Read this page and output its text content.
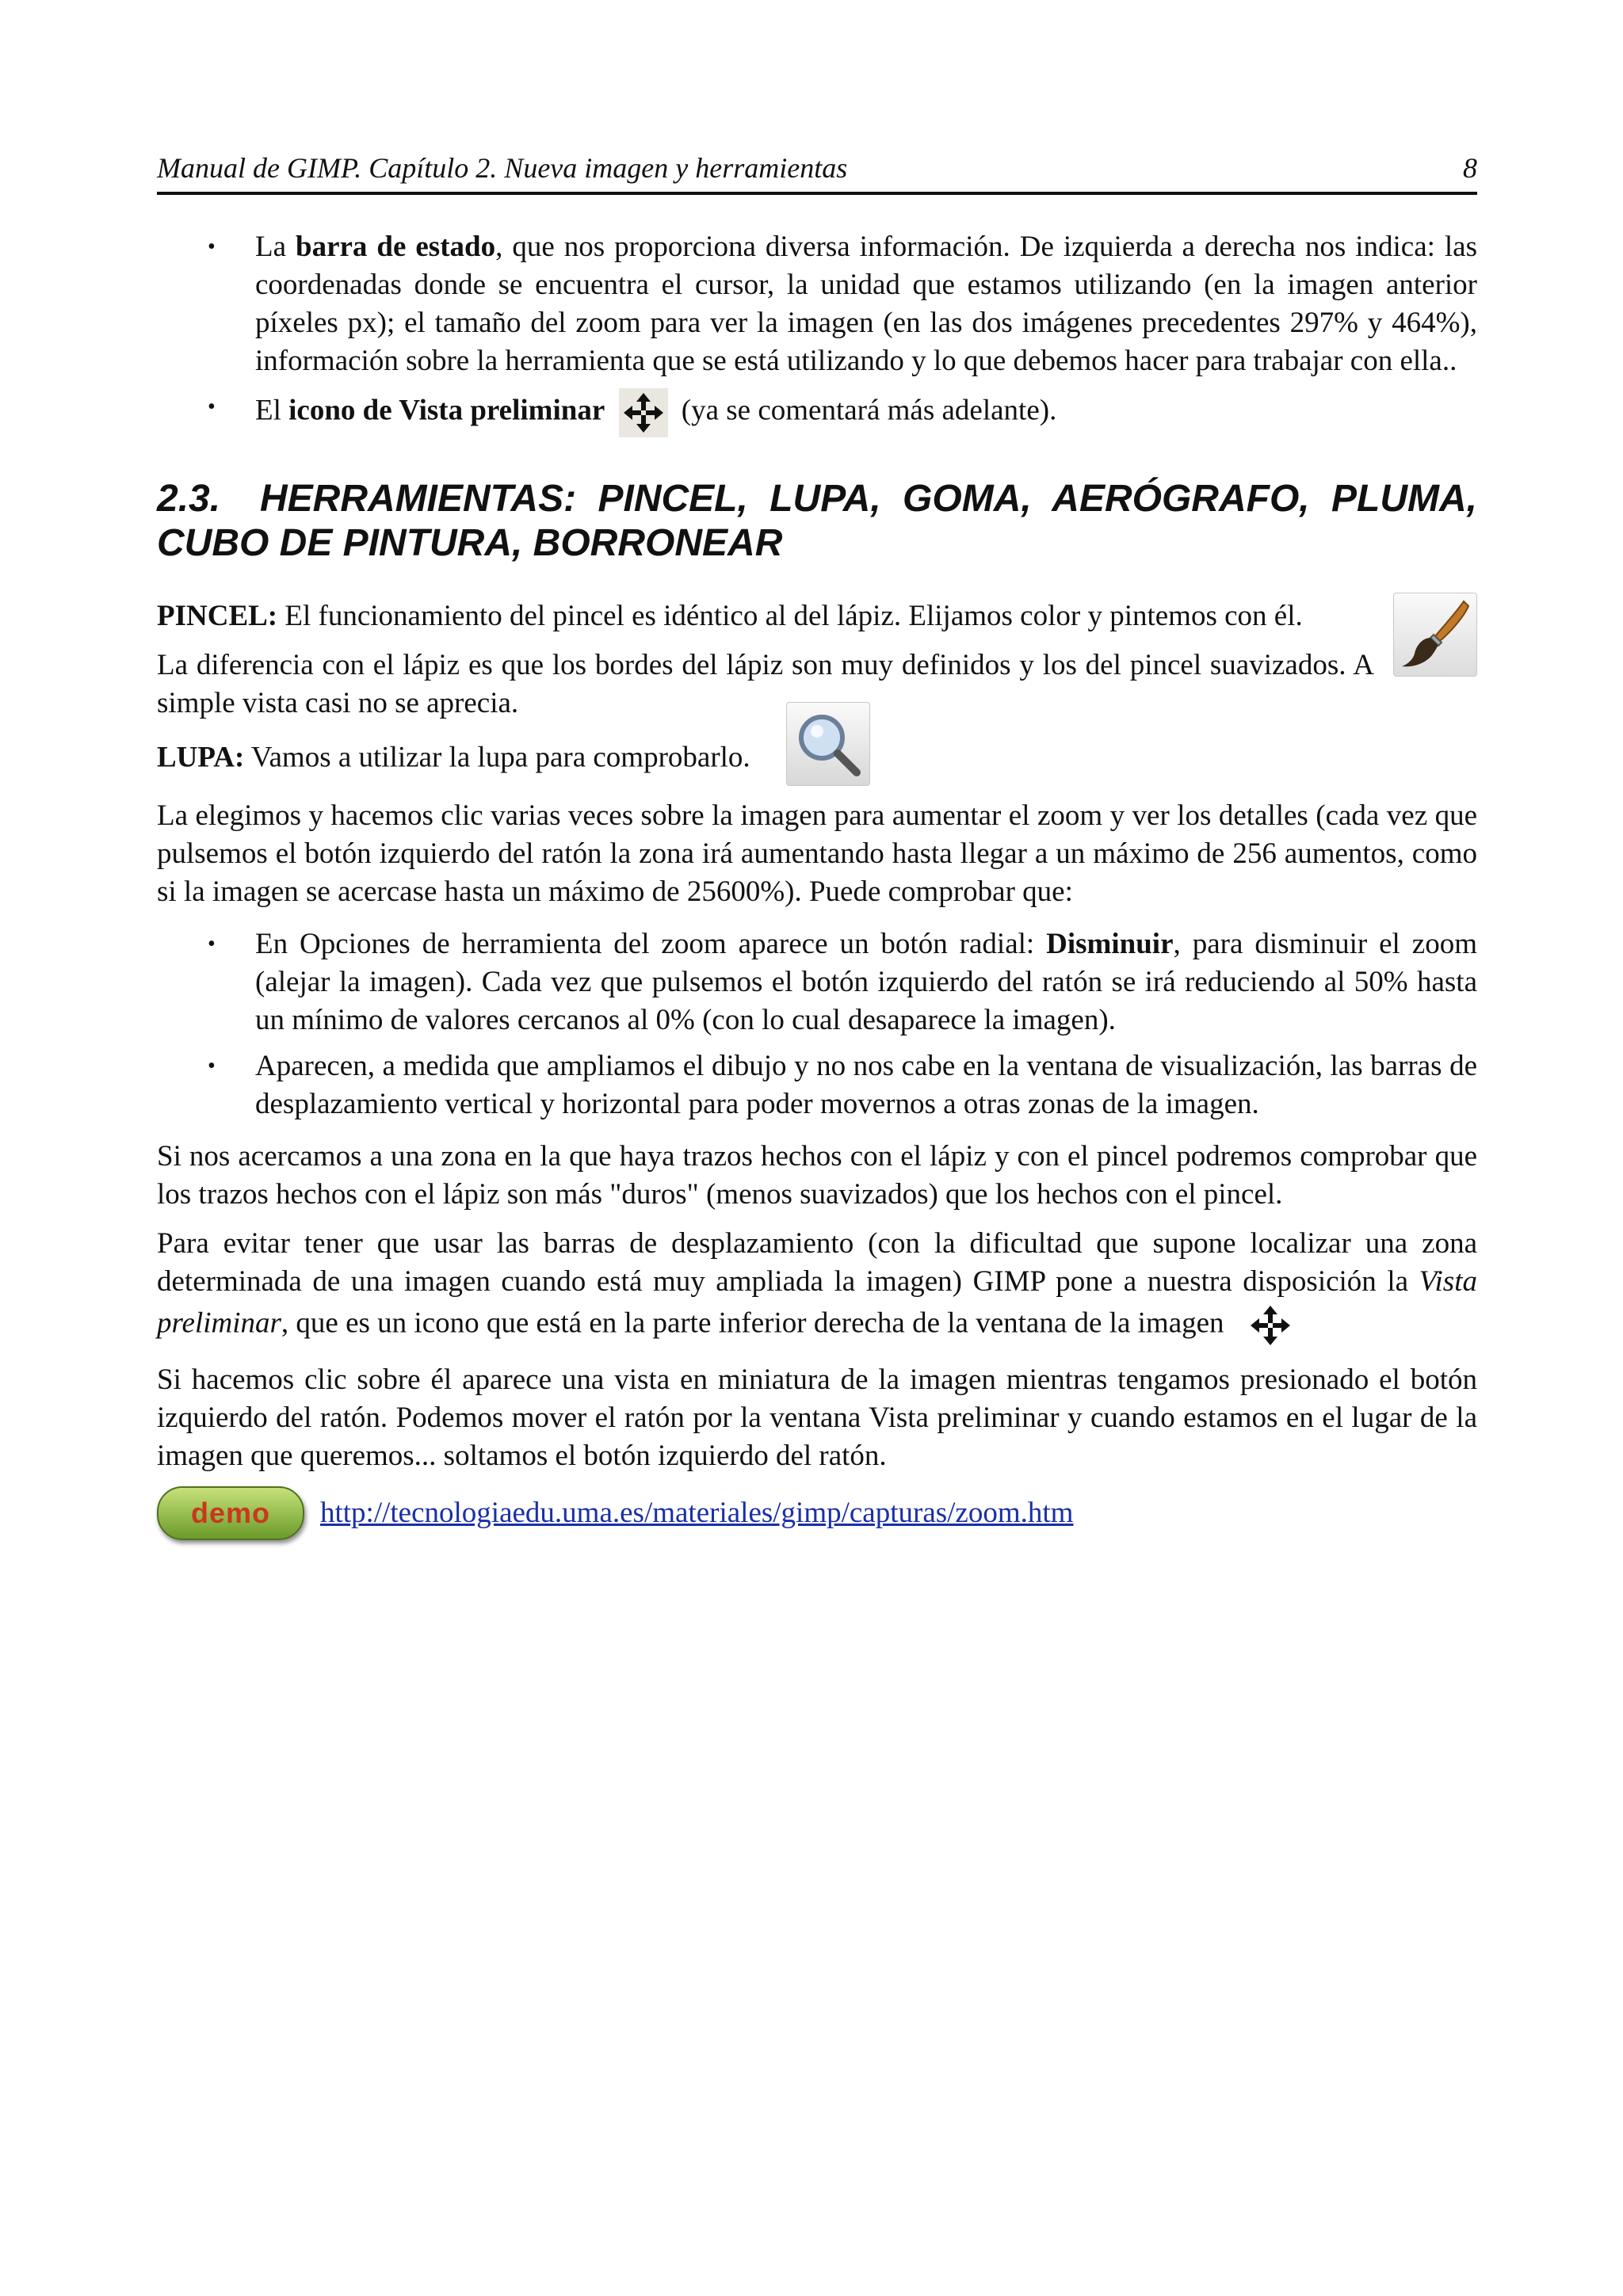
Manual de GIMP. Capítulo 2. Nueva imagen y herramientas	8
• La barra de estado, que nos proporciona diversa información. De izquierda a derecha nos indica: las coordenadas donde se encuentra el cursor, la unidad que estamos utilizando (en la imagen anterior píxeles px); el tamaño del zoom para ver la imagen (en las dos imágenes precedentes 297% y 464%), información sobre la herramienta que se está utilizando y lo que debemos hacer para trabajar con ella..
• El icono de Vista preliminar	(ya se comentará más adelante).
2.3. HERRAMIENTAS: PINCEL, LUPA, GOMA, AERÓGRAFO, PLUMA, CUBO DE PINTURA, BORRONEAR

PINCEL: El funcionamiento del pincel es idéntico al del lápiz. Elijamos color y pintemos con él.

La diferencia con el lápiz es que los bordes del lápiz son muy definidos y los del pincel suavizados. A simple vista casi no se aprecia.

LUPA: Vamos a utilizar la lupa para comprobarlo.

La elegimos y hacemos clic varias veces sobre la imagen para aumentar el zoom y ver los detalles (cada vez que pulsemos el botón izquierdo del ratón la zona irá aumentando hasta llegar a un máximo de 256 aumentos, como si la imagen se acercase hasta un máximo de 25600%). Puede comprobar que:

• En Opciones de herramienta del zoom aparece un botón radial: Disminuir, para disminuir el zoom (alejar la imagen). Cada vez que pulsemos el botón izquierdo del ratón se irá reduciendo al 50% hasta un mínimo de valores cercanos al 0% (con lo cual desaparece la imagen).
• Aparecen, a medida que ampliamos el dibujo y no nos cabe en la ventana de visualización, las barras de desplazamiento vertical y horizontal para poder movernos a otras zonas de la imagen.

Si nos acercamos a una zona en la que haya trazos hechos con el lápiz y con el pincel podremos comprobar que los trazos hechos con el lápiz son más "duros" (menos suavizados) que los hechos con el pincel.

Para evitar tener que usar las barras de desplazamiento (con la dificultad que supone localizar una zona determinada de una imagen cuando está muy ampliada la imagen) GIMP pone a nuestra disposición la Vista preliminar, que es un icono que está en la parte inferior derecha de la ventana de la imagen

Si hacemos clic sobre él aparece una vista en miniatura de la imagen mientras tengamos presionado el botón izquierdo del ratón. Podemos mover el ratón por la ventana Vista preliminar y cuando estamos en el lugar de la imagen que queremos... soltamos el botón izquierdo del ratón.

demo	http://tecnologiaedu.uma.es/materiales/gimp/capturas/zoom.htm
